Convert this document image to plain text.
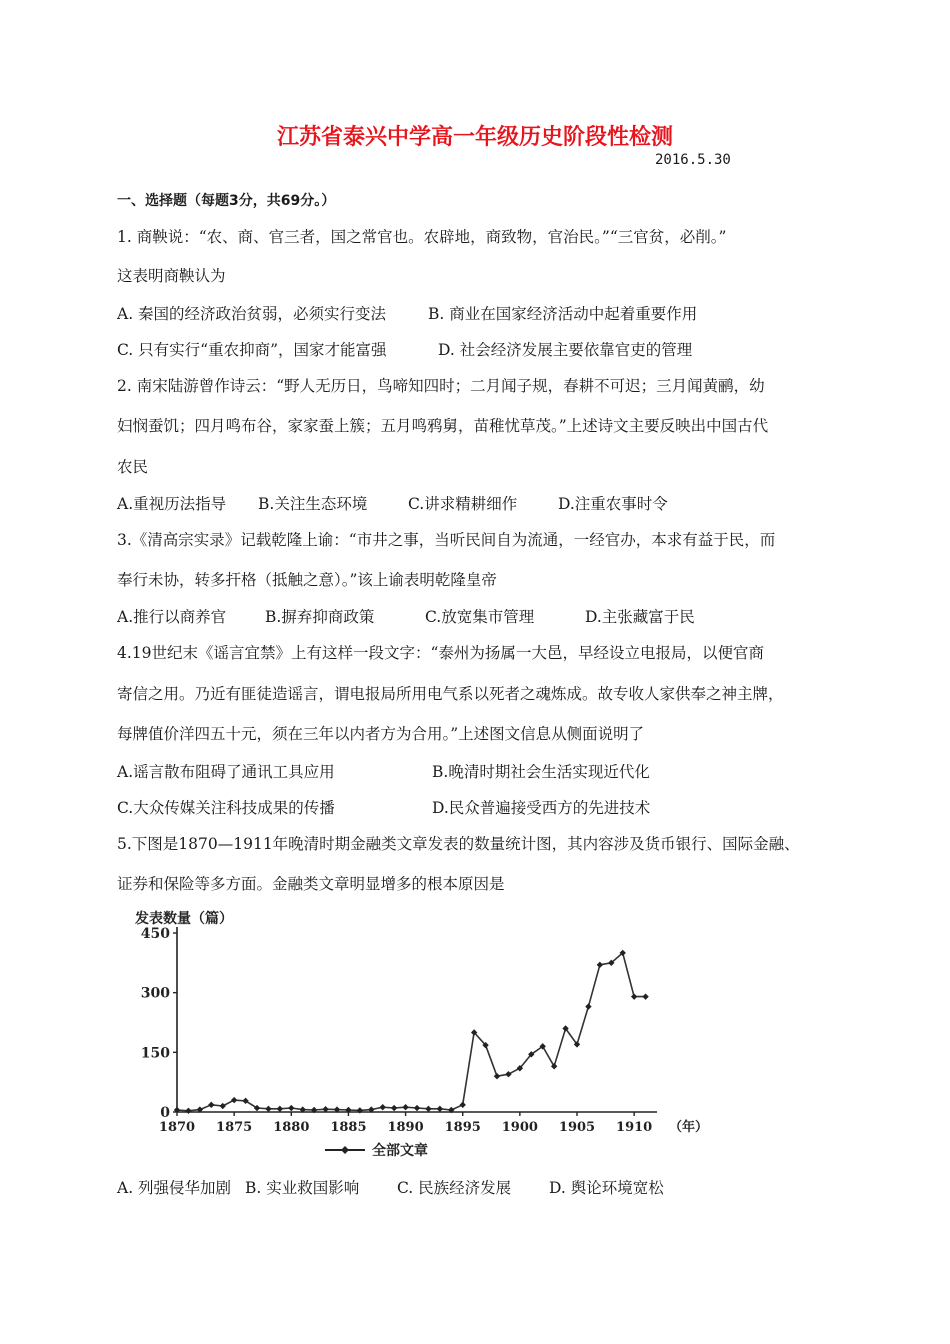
江苏省泰兴中学高一年级历史阶段性检测
2016.5.30
一、选择题（每题3分，共69分。）
1. 商鞅说：“农、商、官三者，国之常官也。农辟地，商致物，官治民。”“三官贫，必削。”
这表明商鞅认为
A. 秦国的经济政治贫弱，必须实行变法	B. 商业在国家经济活动中起着重要作用
C. 只有实行“重农抑商”，国家才能富强	D. 社会经济发展主要依靠官吏的管理
2. 南宋陆游曾作诗云：“野人无历日，鸟啼知四时；二月闻子规，春耕不可迟；三月闻黄鹂，幼
妇悯蚕饥；四月鸣布谷，家家蚕上簇；五月鸣鸦舅，苗稚忧草茂。”上述诗文主要反映出中国古代
农民
A.重视历法指导 B.关注生态环境	C.讲求精耕细作	D.注重农事时令
3.《清高宗实录》记载乾隆上谕：“市井之事，当听民间自为流通，一经官办，本求有益于民，而
奉行未协，转多扞格（抵触之意）。”该上谕表明乾隆皇帝
A.推行以商养官	B.摒弃抑商政策	C.放宽集市管理	D.主张藏富于民
4.19世纪末《谣言宜禁》上有这样一段文字：“泰州为扬属一大邑，早经设立电报局，以便官商
寄信之用。乃近有匪徒造谣言，谓电报局所用电气系以死者之魂炼成。故专收人家供奉之神主牌，
每牌值价洋四五十元，须在三年以内者方为合用。”上述图文信息从侧面说明了
A.谣言散布阻碍了通讯工具应用	B.晚清时期社会生活实现近代化
C.大众传媒关注科技成果的传播	D.民众普遍接受西方的先进技术
5.下图是1870—1911年晚清时期金融类文章发表的数量统计图，其内容涉及货币银行、国际金融、
证券和保险等多方面。金融类文章明显增多的根本原因是
发表数量（篇）
450
300
150
0
1870 1875 1880 1885 1890 1895 1900 1905 1910 （年）
全部文章
A. 列强侵华加剧 B. 实业救国影响 C. 民族经济发展 D. 舆论环境宽松
